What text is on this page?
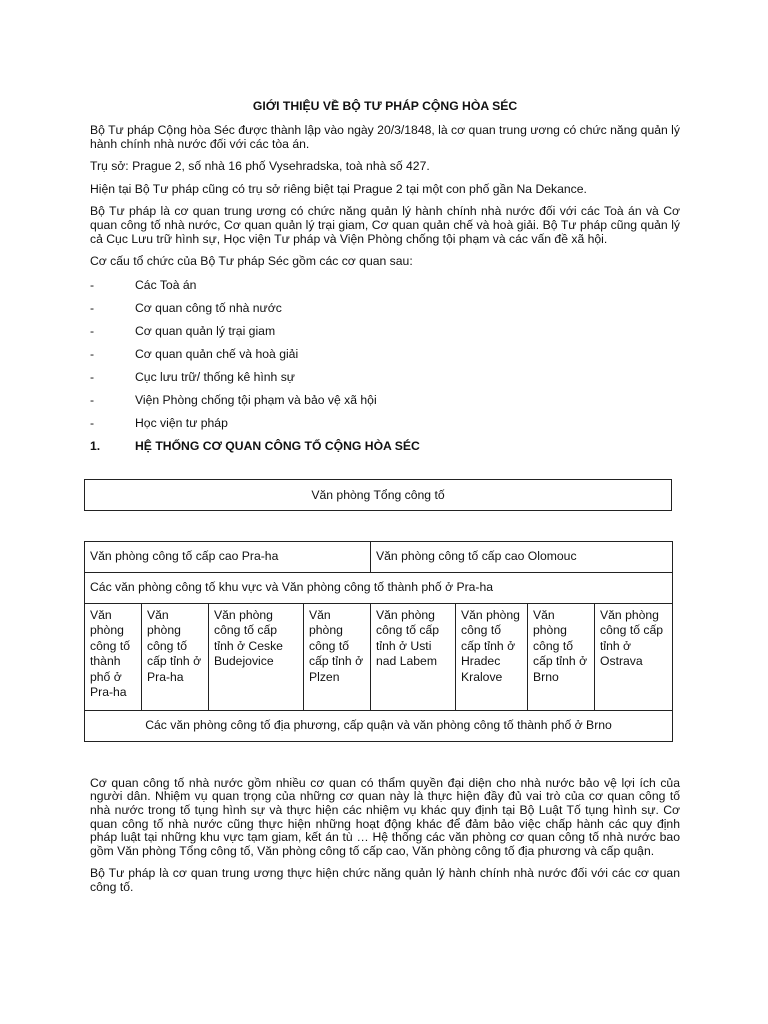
GIỚI THIỆU VỀ BỘ TƯ PHÁP CỘNG HÒA SÉC

Bộ Tư pháp Cộng hòa Séc được thành lập vào ngày 20/3/1848, là cơ quan trung ương có chức năng quản lý hành chính nhà nước đối với các tòa án.

Trụ sở: Prague 2, số nhà 16 phố Vysehradska, toà nhà số 427.

Hiện tại Bộ Tư pháp cũng có trụ sở riêng biệt tại Prague 2 tại một con phố gần Na Dekance.

Bộ Tư pháp là cơ quan trung ương có chức năng quản lý hành chính nhà nước đối với các Toà án và Cơ quan công tố nhà nước, Cơ quan quản lý trại giam, Cơ quan quản chế và hoà giải. Bộ Tư pháp cũng quản lý cả Cục Lưu trữ hình sự, Học viện Tư pháp và Viện Phòng chống tội phạm và các vấn đề xã hội.

Cơ cấu tổ chức của Bộ Tư pháp Séc gồm các cơ quan sau:

-	Các Toà án
-	Cơ quan công tố nhà nước
-	Cơ quan quản lý trại giam
-	Cơ quan quản chế và hoà giải
-	Cục lưu trữ/ thống kê hình sự
-	Viện Phòng chống tội phạm và bảo vệ xã hội
-	Học viện tư pháp
1.	HỆ THỐNG CƠ QUAN CÔNG TỐ CỘNG HÒA SÉC
Văn phòng Tổng công tố
Văn phòng công tố cấp cao Pra-ha				Văn phòng công tố cấp cao Olomouc			
Các văn phòng công tố khu vực và Văn phòng công tố thành phố ở Pra-ha							
Văn phòng công tố thành phố ở Pra-ha	Văn phòng công tố cấp tỉnh ở Pra-ha	Văn phòng công tố cấp tỉnh ở Ceske Budejovice	Văn phòng công tố cấp tỉnh ở Plzen	Văn phòng công tố cấp tỉnh ở Usti nad Labem	Văn phòng công tố cấp tỉnh ở Hradec Kralove	Văn phòng công tố cấp tỉnh ở Brno	Văn phòng công tố cấp tỉnh ở Ostrava
Các văn phòng công tố địa phương, cấp quận và văn phòng công tố thành phố ở Brno							

Cơ quan công tố nhà nước gồm nhiều cơ quan có thẩm quyền đại diện cho nhà nước bảo vệ lợi ích của người dân. Nhiệm vụ quan trọng của những cơ quan này là thực hiện đầy đủ vai trò của cơ quan công tố nhà nước trong tố tụng hình sự và thực hiện các nhiệm vụ khác quy định tại Bộ Luật Tố tụng hình sự. Cơ quan công tố nhà nước cũng thực hiện những hoạt động khác để đảm bảo việc chấp hành các quy định pháp luật tại những khu vực tạm giam, kết án tù … Hệ thống các văn phòng cơ quan công tố nhà nước bao gồm Văn phòng Tổng công tố, Văn phòng công tố cấp cao, Văn phòng công tố địa phương và cấp quận.

Bộ Tư pháp là cơ quan trung ương thực hiện chức năng quản lý hành chính nhà nước đối với các cơ quan công tố.
